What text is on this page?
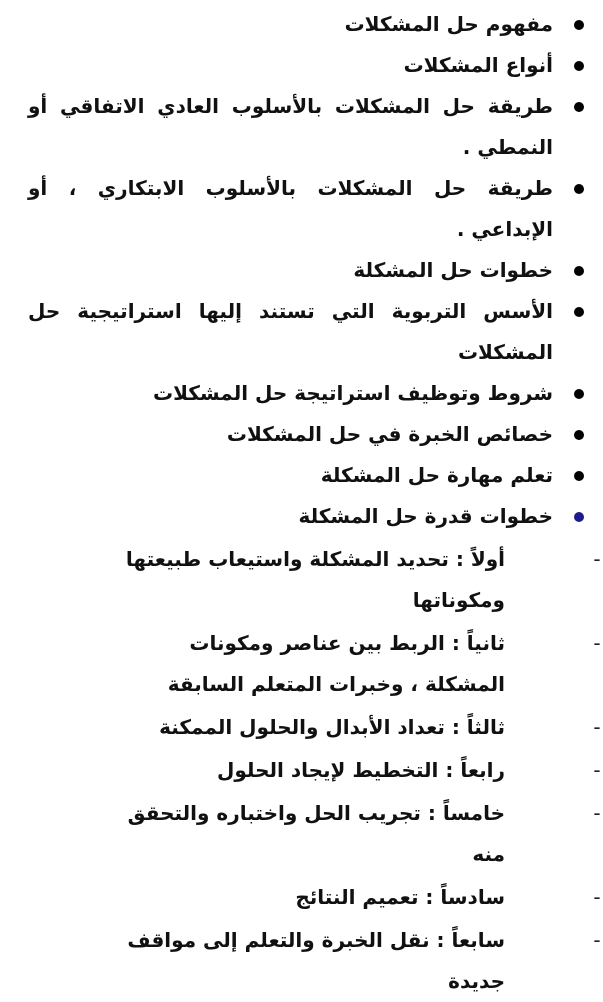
مفهوم حل المشكلات
أنواع المشكلات
طريقة حل المشكلات بالأسلوب العادي الاتفاقي أو النمطي .
طريقة حل المشكلات بالأسلوب الابتكاري ، أو الإبداعي .
خطوات حل المشكلة
الأسس التربوية التي تستند إليها استراتيجية حل المشكلات
شروط وتوظيف استراتيجة حل المشكلات
خصائص الخبرة في حل المشكلات
تعلم مهارة حل المشكلة
خطوات قدرة حل المشكلة
-
أولاً : تحديد المشكلة واستيعاب طبيعتها ومكوناتها
-
ثانياً : الربط بين عناصر ومكونات المشكلة ، وخبرات المتعلم السابقة
-
ثالثاً : تعداد الأبدال والحلول الممكنة
-
رابعاً : التخطيط لإيجاد الحلول
-
خامساً : تجريب الحل واختباره والتحقق منه
-
سادساً : تعميم النتائج
-
سابعاً : نقل الخبرة والتعلم إلى مواقف جديدة
